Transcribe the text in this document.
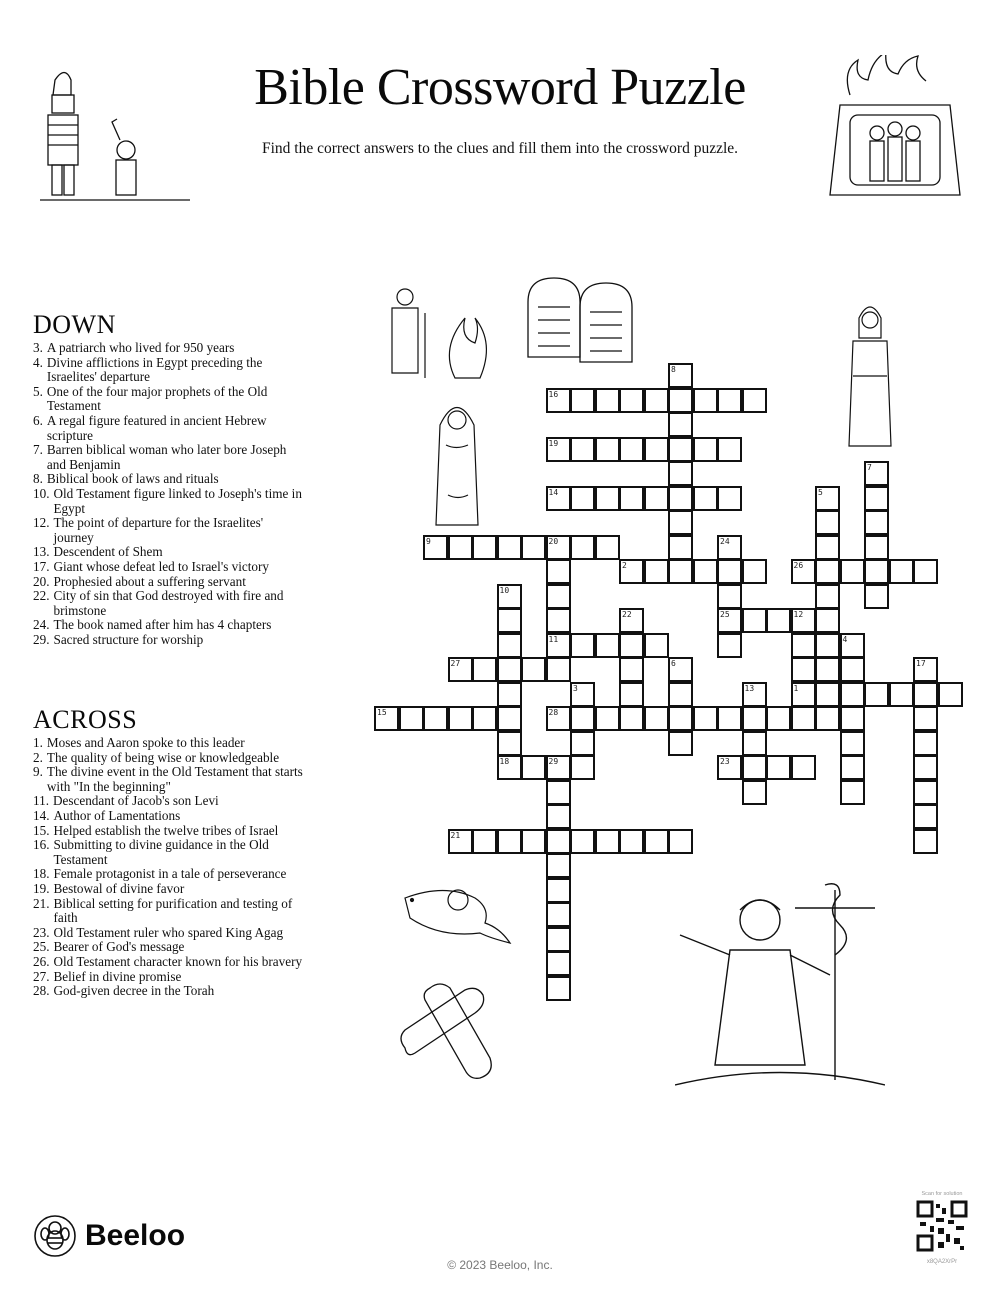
Bible Crossword Puzzle
Find the correct answers to the clues and fill them into the crossword puzzle.
DOWN
3. A patriarch who lived for 950 years
4. Divine afflictions in Egypt preceding the Israelites' departure
5. One of the four major prophets of the Old Testament
6. A regal figure featured in ancient Hebrew scripture
7. Barren biblical woman who later bore Joseph and Benjamin
8. Biblical book of laws and rituals
10. Old Testament figure linked to Joseph's time in Egypt
12. The point of departure for the Israelites' journey
13. Descendent of Shem
17. Giant whose defeat led to Israel's victory
20. Prophesied about a suffering servant
22. City of sin that God destroyed with fire and brimstone
24. The book named after him has 4 chapters
29. Sacred structure for worship
ACROSS
1. Moses and Aaron spoke to this leader
2. The quality of being wise or knowledgeable
9. The divine event in the Old Testament that starts with "In the beginning"
11. Descendant of Jacob's son Levi
14. Author of Lamentations
15. Helped establish the twelve tribes of Israel
16. Submitting to divine guidance in the Old Testament
18. Female protagonist in a tale of perseverance
19. Bestowal of divine favor
21. Biblical setting for purification and testing of faith
23. Old Testament ruler who spared King Agag
25. Bearer of God's message
26. Old Testament character known for his bravery
27. Belief in divine promise
28. God-given decree in the Torah
16
19
14
9	20
2	26
25	12
11
27
1
15	28
18	29	23
21
8
7
5
24
10
22
4
6	17
3	13
Beeloo
© 2023 Beeloo, Inc.
Scan for solution
x8QA2XrPr
